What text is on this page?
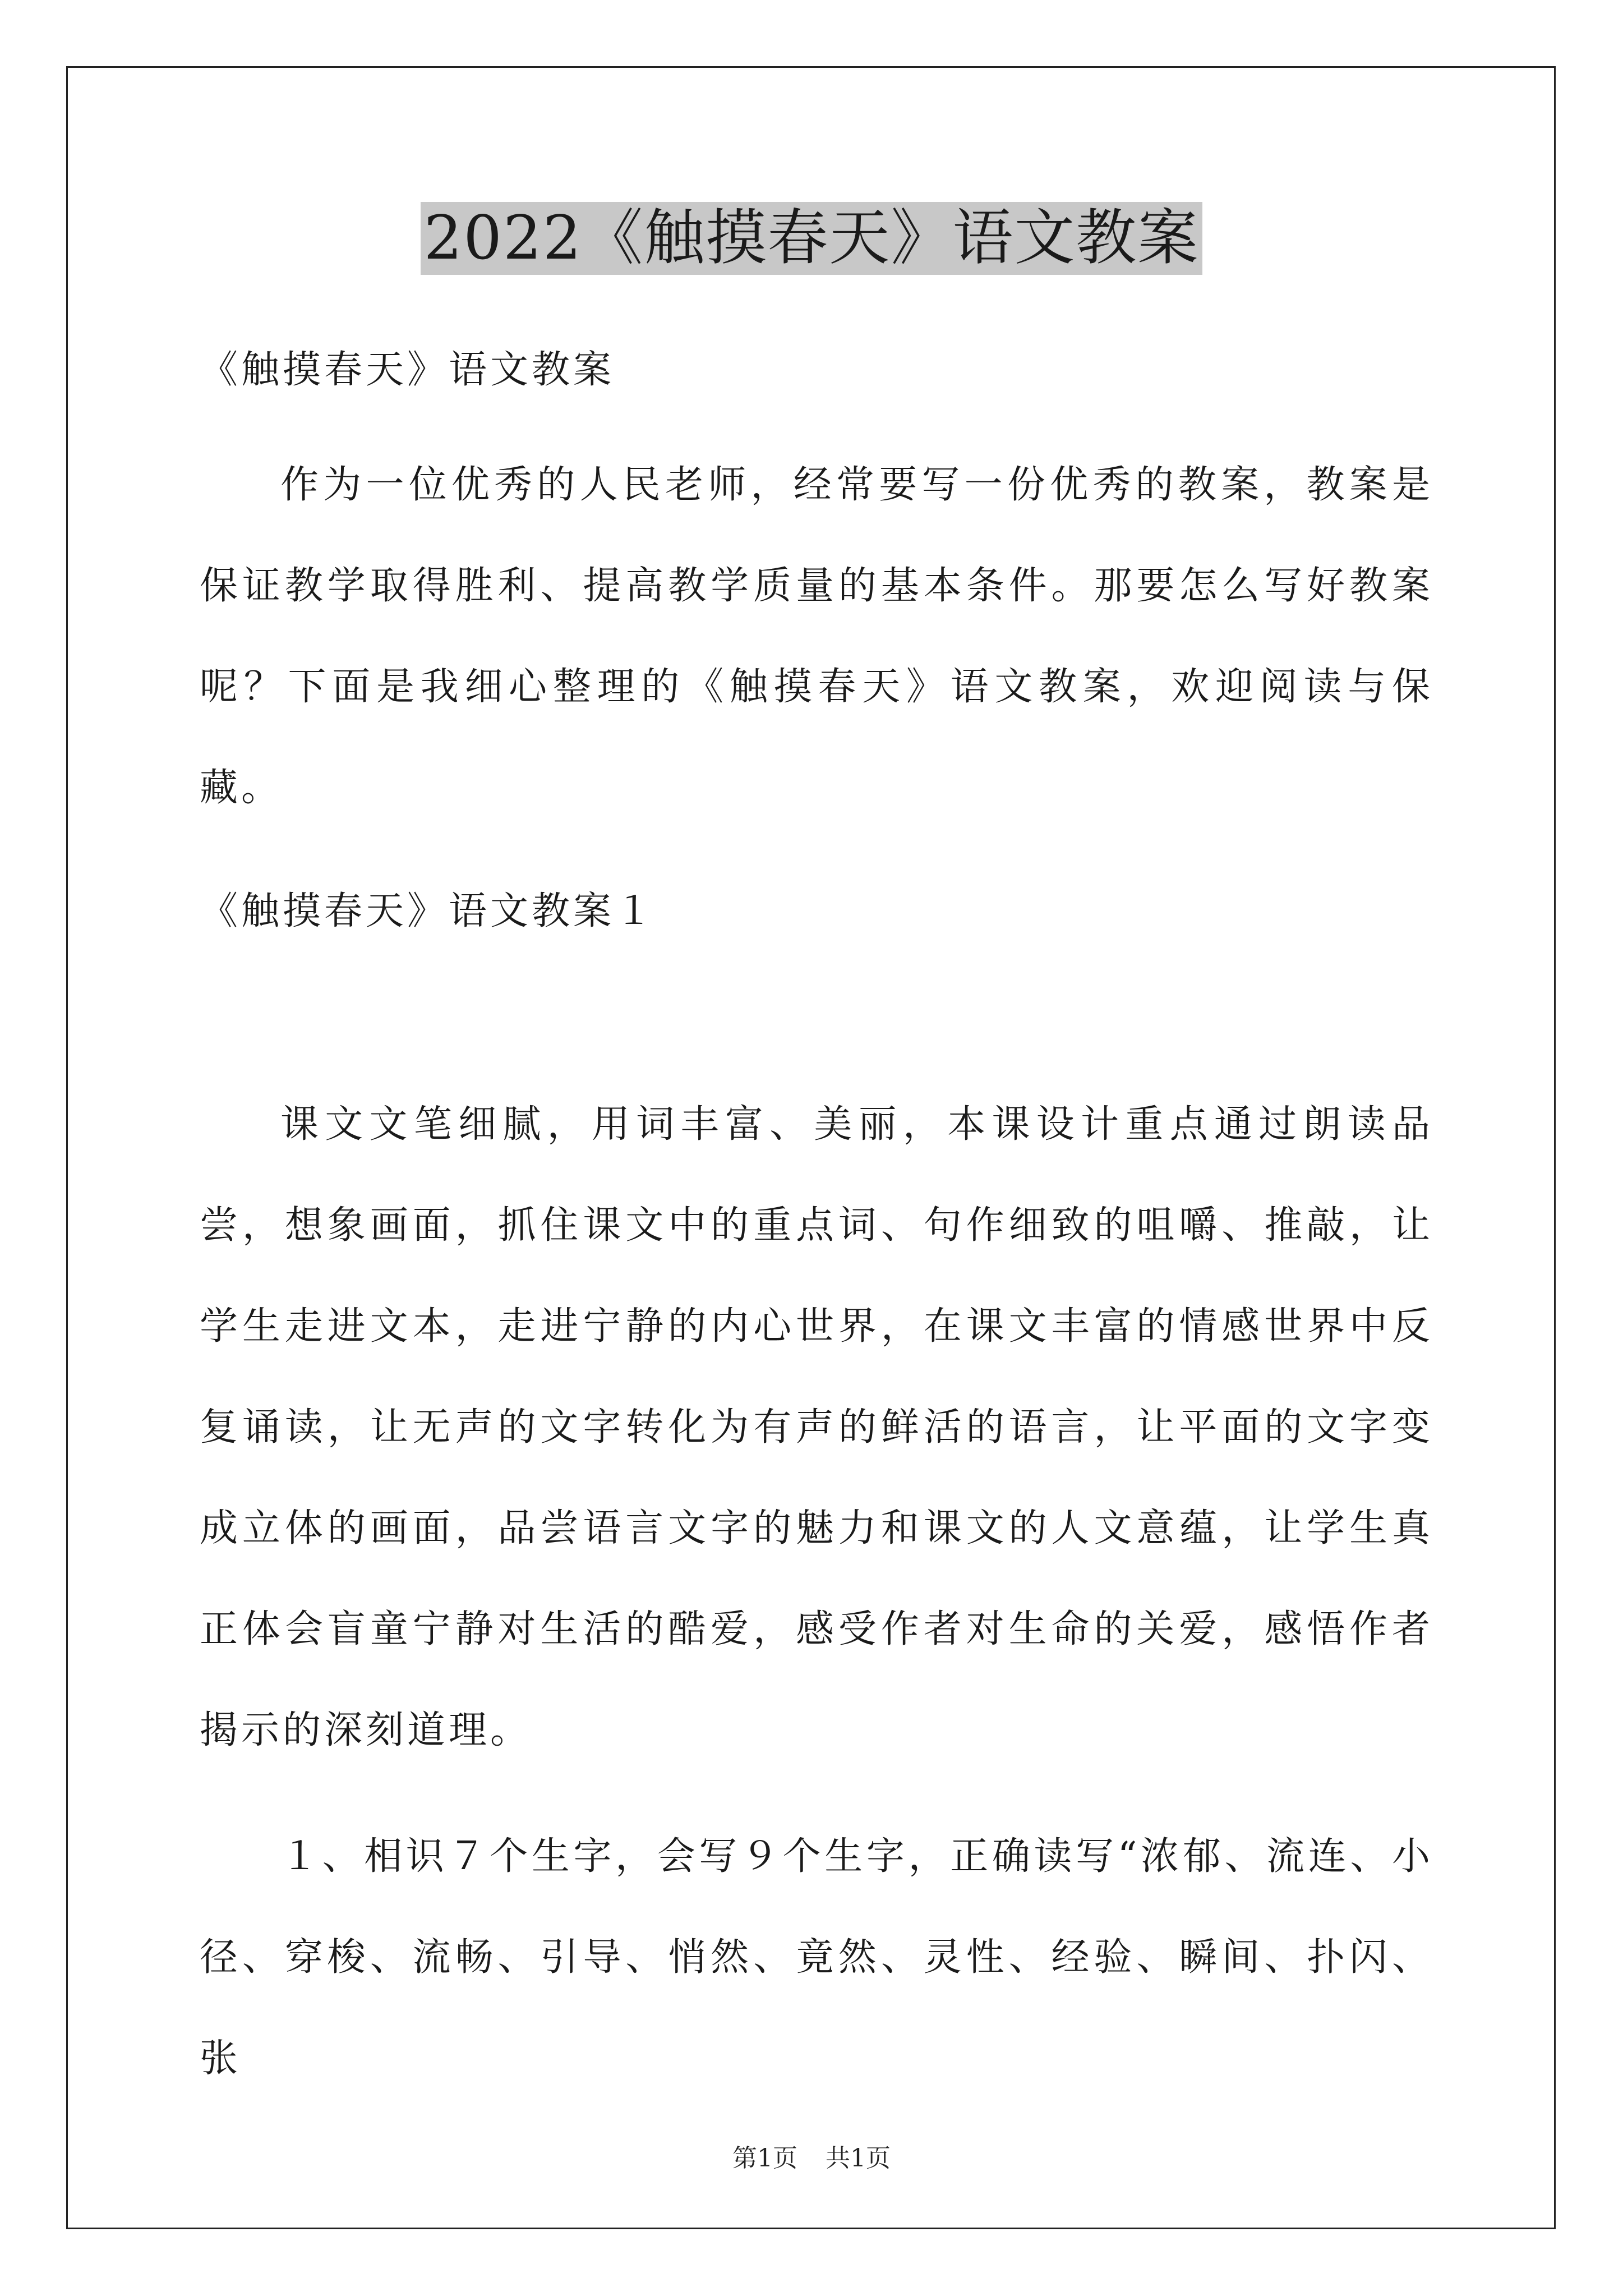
2022《触摸春天》语文教案
《触摸春天》语文教案
作为一位优秀的人民老师，经常要写一份优秀的教案，教案是保证教学取得胜利、提高教学质量的基本条件。那要怎么写好教案呢？下面是我细心整理的《触摸春天》语文教案，欢迎阅读与保藏。
《触摸春天》语文教案１
课文文笔细腻，用词丰富、美丽，本课设计重点通过朗读品尝，想象画面，抓住课文中的重点词、句作细致的咀嚼、推敲，让学生走进文本，走进宁静的内心世界，在课文丰富的情感世界中反复诵读，让无声的文字转化为有声的鲜活的语言，让平面的文字变成立体的画面，品尝语言文字的魅力和课文的人文意蕴，让学生真正体会盲童宁静对生活的酷爱，感受作者对生命的关爱，感悟作者揭示的深刻道理。
１、相识７个生字，会写９个生字，正确读写“浓郁、流连、小径、穿梭、流畅、引导、悄然、竟然、灵性、经验、瞬间、扑闪、张
第1页 共1页
